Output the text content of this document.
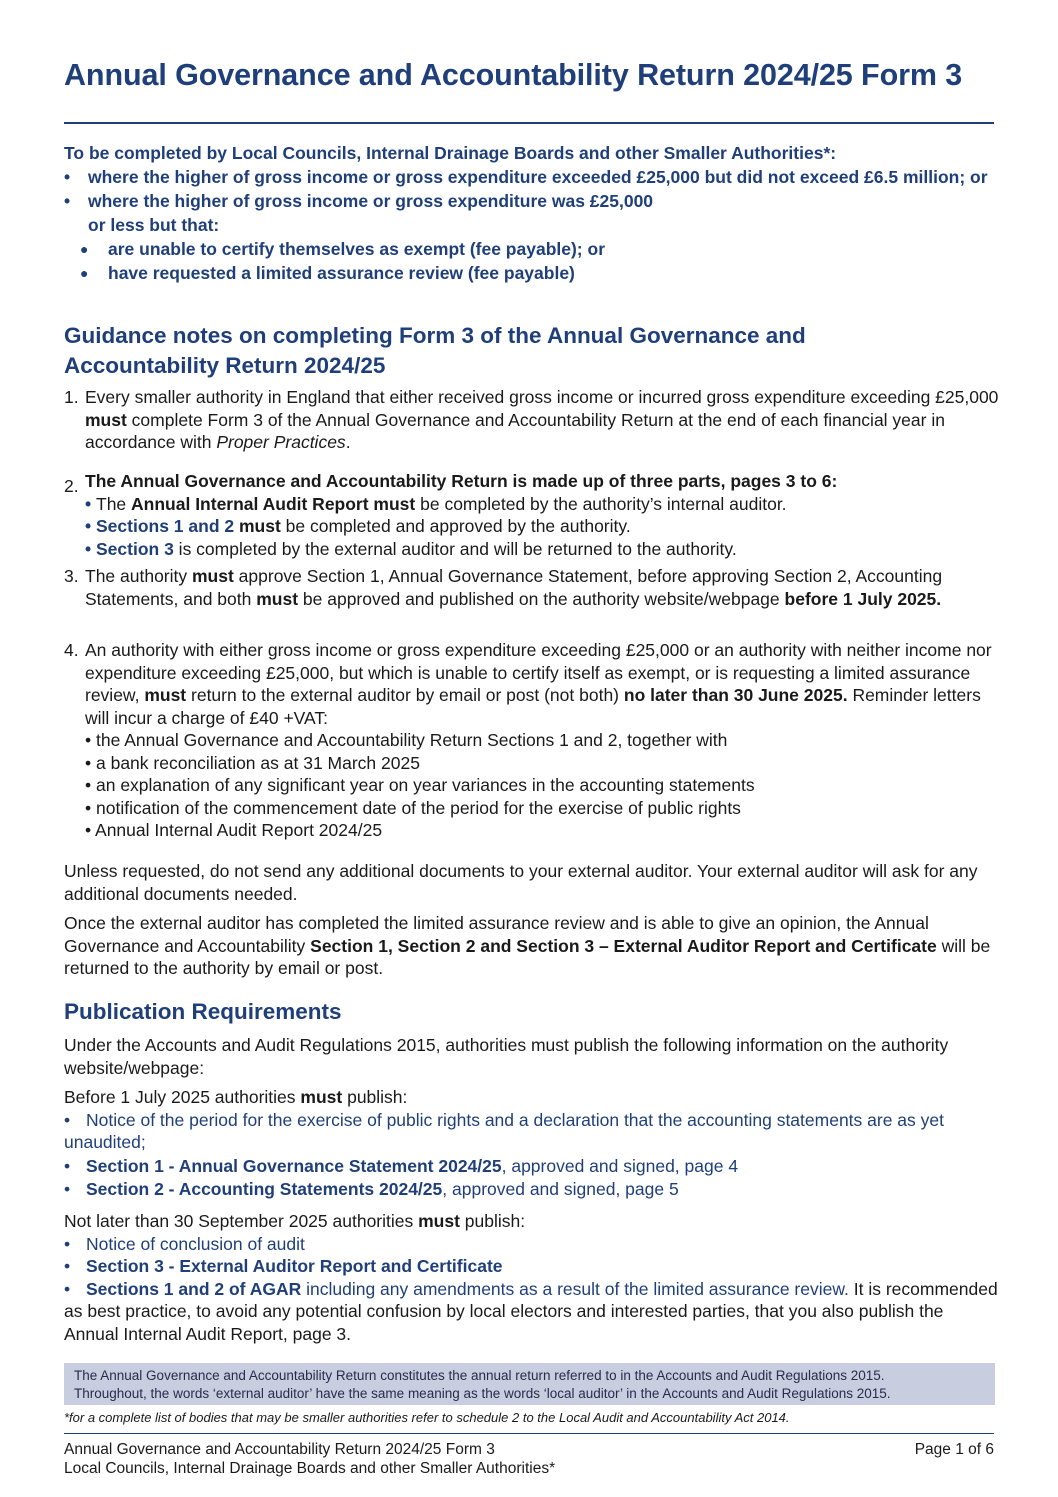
Annual Governance and Accountability Return 2024/25 Form 3

To be completed by Local Councils, Internal Drainage Boards and other Smaller Authorities*:

• where the higher of gross income or gross expenditure exceeded £25,000 but did not exceed £6.5 million; or
• where the higher of gross income or gross expenditure was £25,000
or less but that:
● are unable to certify themselves as exempt (fee payable); or
● have requested a limited assurance review (fee payable)
Guidance notes on completing Form 3 of the Annual Governance and
Accountability Return 2024/25
1. Every smaller authority in England that either received gross income or incurred gross expenditure exceeding £25,000 must complete Form 3 of the Annual Governance and Accountability Return at the end of each financial year in accordance with Proper Practices.
2. The Annual Governance and Accountability Return is made up of three parts, pages 3 to 6:
• The Annual Internal Audit Report must be completed by the authority’s internal auditor.
• Sections 1 and 2 must be completed and approved by the authority.
• Section 3 is completed by the external auditor and will be returned to the authority.
3. The authority must approve Section 1, Annual Governance Statement, before approving Section 2, Accounting Statements, and both must be approved and published on the authority website/webpage before 1 July 2025.
4. An authority with either gross income or gross expenditure exceeding £25,000 or an authority with neither income nor expenditure exceeding £25,000, but which is unable to certify itself as exempt, or is requesting a limited assurance review, must return to the external auditor by email or post (not both) no later than 30 June 2025. Reminder letters will incur a charge of £40 +VAT:
• the Annual Governance and Accountability Return Sections 1 and 2, together with
• a bank reconciliation as at 31 March 2025
• an explanation of any significant year on year variances in the accounting statements
• notification of the commencement date of the period for the exercise of public rights
• Annual Internal Audit Report 2024/25

Unless requested, do not send any additional documents to your external auditor. Your external auditor will ask for any additional documents needed.

Once the external auditor has completed the limited assurance review and is able to give an opinion, the Annual Governance and Accountability Section 1, Section 2 and Section 3 – External Auditor Report and Certificate will be returned to the authority by email or post.

Publication Requirements

Under the Accounts and Audit Regulations 2015, authorities must publish the following information on the authority website/webpage:

Before 1 July 2025 authorities must publish:

• Notice of the period for the exercise of public rights and a declaration that the accounting statements are as yet unaudited;

• Section 1 - Annual Governance Statement 2024/25, approved and signed, page 4

• Section 2 - Accounting Statements 2024/25, approved and signed, page 5

Not later than 30 September 2025 authorities must publish:

• Notice of conclusion of audit

• Section 3 - External Auditor Report and Certificate

• Sections 1 and 2 of AGAR including any amendments as a result of the limited assurance review. It is recommended as best practice, to avoid any potential confusion by local electors and interested parties, that you also publish the Annual Internal Audit Report, page 3.

The Annual Governance and Accountability Return constitutes the annual return referred to in the Accounts and Audit Regulations 2015.
Throughout, the words ‘external auditor’ have the same meaning as the words ‘local auditor’ in the Accounts and Audit Regulations 2015.
*for a complete list of bodies that may be smaller authorities refer to schedule 2 to the Local Audit and Accountability Act 2014.
Annual Governance and Accountability Return 2024/25 Form 3
Local Councils, Internal Drainage Boards and other Smaller Authorities*
Page 1 of 6
